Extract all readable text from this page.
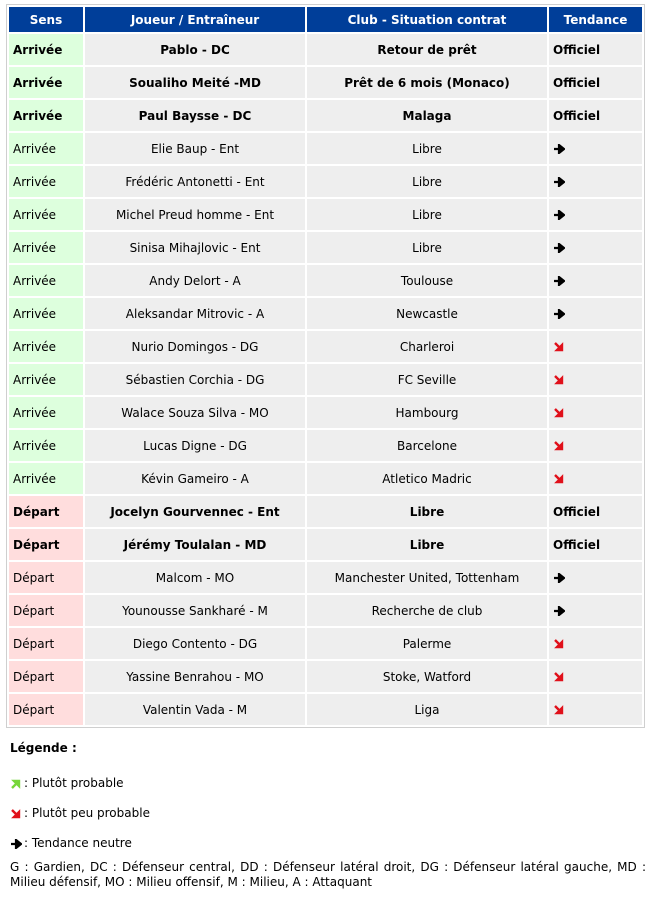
Sens	Joueur / Entraîneur	Club - Situation contrat	Tendance
Arrivée	Pablo - DC	Retour de prêt	Officiel
Arrivée	Soualiho Meité -MD	Prêt de 6 mois (Monaco)	Officiel
Arrivée	Paul Baysse - DC	Malaga	Officiel
Arrivée	Elie Baup - Ent	Libre	
Arrivée	Frédéric Antonetti - Ent	Libre	
Arrivée	Michel Preud homme - Ent	Libre	
Arrivée	Sinisa Mihajlovic - Ent	Libre	
Arrivée	Andy Delort - A	Toulouse	
Arrivée	Aleksandar Mitrovic - A	Newcastle	
Arrivée	Nurio Domingos - DG	Charleroi	
Arrivée	Sébastien Corchia - DG	FC Seville	
Arrivée	Walace Souza Silva - MO	Hambourg	
Arrivée	Lucas Digne - DG	Barcelone	
Arrivée	Kévin Gameiro - A	Atletico Madric	
Départ	Jocelyn Gourvennec - Ent	Libre	Officiel
Départ	Jérémy Toulalan - MD	Libre	Officiel
Départ	Malcom - MO	Manchester United, Tottenham	
Départ	Younousse Sankharé - M	Recherche de club	
Départ	Diego Contento - DG	Palerme	
Départ	Yassine Benrahou - MO	Stoke, Watford	
Départ	Valentin Vada - M	Liga	
Légende :
: Plutôt probable
: Plutôt peu probable
: Tendance neutre
G : Gardien, DC : Défenseur central, DD : Défenseur latéral droit, DG : Défenseur latéral gauche, MD : Milieu défensif, MO : Milieu offensif, M : Milieu, A : Attaquant
